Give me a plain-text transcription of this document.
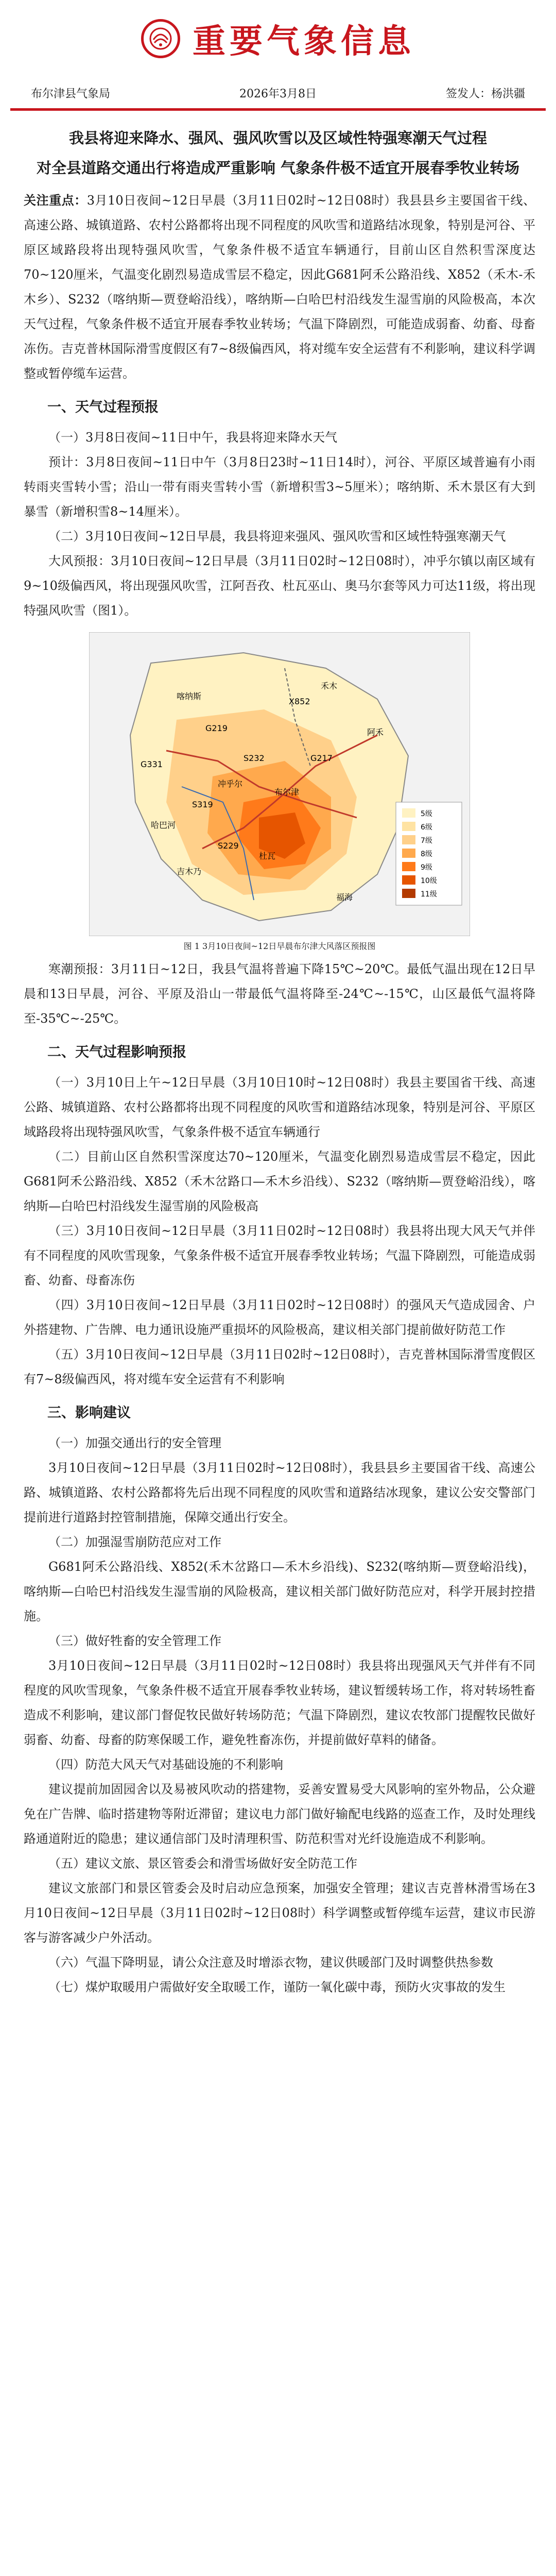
重要气象信息
布尔津县气象局	2026年3月8日	签发人：杨洪疆
我县将迎来降水、强风、强风吹雪以及区域性特强寒潮天气过程
对全县道路交通出行将造成严重影响 气象条件极不适宜开展春季牧业转场

关注重点：3月10日夜间~12日早晨（3月11日02时~12日08时）我县县乡主要国省干线、高速公路、城镇道路、农村公路都将出现不同程度的风吹雪和道路结冰现象，特别是河谷、平原区域路段将出现特强风吹雪，气象条件极不适宜车辆通行，目前山区自然积雪深度达70~120厘米，气温变化剧烈易造成雪层不稳定，因此G681阿禾公路沿线、X852（禾木-禾木乡）、S232（喀纳斯—贾登峪沿线），喀纳斯—白哈巴村沿线发生湿雪崩的风险极高，本次天气过程，气象条件极不适宜开展春季牧业转场；气温下降剧烈，可能造成弱畜、幼畜、母畜冻伤。吉克普林国际滑雪度假区有7~8级偏西风，将对缆车安全运营有不利影响，建议科学调整或暂停缆车运营。

一、天气过程预报

（一）3月8日夜间~11日中午，我县将迎来降水天气

预计：3月8日夜间~11日中午（3月8日23时~11日14时），河谷、平原区域普遍有小雨转雨夹雪转小雪；沿山一带有雨夹雪转小雪（新增积雪3~5厘米）；喀纳斯、禾木景区有大到暴雪（新增积雪8~14厘米）。

（二）3月10日夜间~12日早晨，我县将迎来强风、强风吹雪和区域性特强寒潮天气

大风预报：3月10日夜间~12日早晨（3月11日02时~12日08时），冲乎尔镇以南区域有9~10级偏西风，将出现强风吹雪，江阿吾孜、杜瓦巫山、奥马尔套等风力可达11级，将出现特强风吹雪（图1）。

X852
G219
G331
阿禾
布尔津
S319
S229
S232
喀纳斯
禾木
冲乎尔
吉木乃
G217
哈巴河
杜瓦
福海
5级
6级
7级
8级
9级
10级
11级
图 1 3月10日夜间~12日早晨布尔津大风落区预报图

寒潮预报：3月11日~12日，我县气温将普遍下降15℃~20℃。最低气温出现在12日早晨和13日早晨，河谷、平原及沿山一带最低气温将降至-24℃~-15℃，山区最低气温将降至-35℃~-25℃。

二、天气过程影响预报

（一）3月10日上午~12日早晨（3月10日10时~12日08时）我县主要国省干线、高速公路、城镇道路、农村公路都将出现不同程度的风吹雪和道路结冰现象，特别是河谷、平原区域路段将出现特强风吹雪，气象条件极不适宜车辆通行

（二）目前山区自然积雪深度达70~120厘米，气温变化剧烈易造成雪层不稳定，因此G681阿禾公路沿线、X852（禾木岔路口—禾木乡沿线）、S232（喀纳斯—贾登峪沿线），喀纳斯—白哈巴村沿线发生湿雪崩的风险极高

（三）3月10日夜间~12日早晨（3月11日02时~12日08时）我县将出现大风天气并伴有不同程度的风吹雪现象，气象条件极不适宜开展春季牧业转场；气温下降剧烈，可能造成弱畜、幼畜、母畜冻伤

（四）3月10日夜间~12日早晨（3月11日02时~12日08时）的强风天气造成园舍、户外搭建物、广告牌、电力通讯设施严重损坏的风险极高，建议相关部门提前做好防范工作

（五）3月10日夜间~12日早晨（3月11日02时~12日08时），吉克普林国际滑雪度假区有7~8级偏西风，将对缆车安全运营有不利影响

三、影响建议

（一）加强交通出行的安全管理

3月10日夜间~12日早晨（3月11日02时~12日08时），我县县乡主要国省干线、高速公路、城镇道路、农村公路都将先后出现不同程度的风吹雪和道路结冰现象，建议公安交警部门提前进行道路封控管制措施，保障交通出行安全。

（二）加强湿雪崩防范应对工作

G681阿禾公路沿线、X852(禾木岔路口—禾木乡沿线)、S232(喀纳斯—贾登峪沿线)，喀纳斯—白哈巴村沿线发生湿雪崩的风险极高，建议相关部门做好防范应对，科学开展封控措施。

（三）做好牲畜的安全管理工作

3月10日夜间~12日早晨（3月11日02时~12日08时）我县将出现强风天气并伴有不同程度的风吹雪现象，气象条件极不适宜开展春季牧业转场，建议暂缓转场工作，将对转场牲畜造成不利影响，建议部门督促牧民做好转场防范；气温下降剧烈，建议农牧部门提醒牧民做好弱畜、幼畜、母畜的防寒保暖工作，避免牲畜冻伤，并提前做好草料的储备。

（四）防范大风天气对基础设施的不利影响

建议提前加固园舍以及易被风吹动的搭建物，妥善安置易受大风影响的室外物品，公众避免在广告牌、临时搭建物等附近滞留；建议电力部门做好输配电线路的巡查工作，及时处理线路通道附近的隐患；建议通信部门及时清理积雪、防范积雪对光纤设施造成不利影响。

（五）建议文旅、景区管委会和滑雪场做好安全防范工作

建议文旅部门和景区管委会及时启动应急预案，加强安全管理；建议吉克普林滑雪场在3月10日夜间~12日早晨（3月11日02时~12日08时）科学调整或暂停缆车运营，建议市民游客与游客减少户外活动。

（六）气温下降明显，请公众注意及时增添衣物，建议供暖部门及时调整供热参数

（七）煤炉取暖用户需做好安全取暖工作，谨防一氧化碳中毒，预防火灾事故的发生
